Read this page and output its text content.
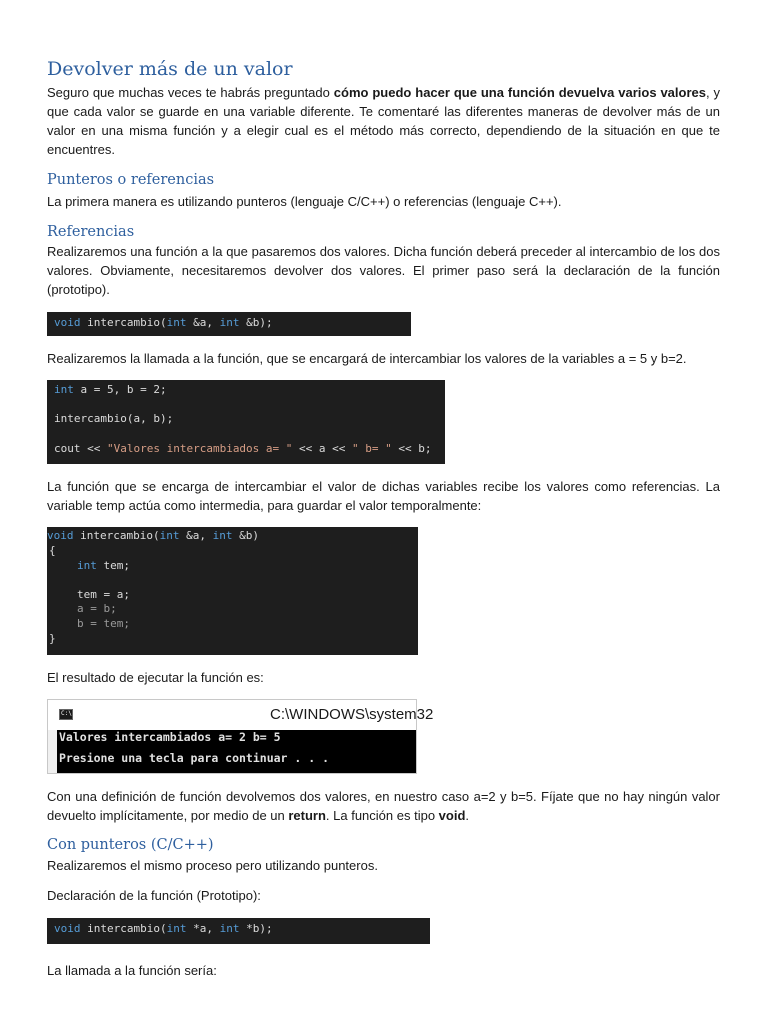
Devolver más de un valor

Seguro que muchas veces te habrás preguntado cómo puedo hacer que una función devuelva varios valores, y que cada valor se guarde en una variable diferente. Te comentaré las diferentes maneras de devolver más de un valor en una misma función y a elegir cual es el método más correcto, dependiendo de la situación en que te encuentres.

Punteros o referencias

La primera manera es utilizando punteros (lenguaje C/C++) o referencias (lenguaje C++).

Referencias

Realizaremos una función a la que pasaremos dos valores. Dicha función deberá preceder al intercambio de los dos valores. Obviamente, necesitaremos devolver dos valores. El primer paso será la declaración de la función (prototipo).

void intercambio(int &a, int &b);

Realizaremos la llamada a la función, que se encargará de intercambiar los valores de la variables a = 5 y b=2.

int a = 5, b = 2;
intercambio(a, b);
cout << "Valores intercambiados a= " << a << " b= " << b;

La función que se encarga de intercambiar el valor de dichas variables recibe los valores como referencias. La variable temp actúa como intermedia, para guardar el valor temporalmente:

void intercambio(int &a, int &b)
{
int tem;
tem = a;
a = b;
b = tem;
}

El resultado de ejecutar la función es:

C:\.	C:\WINDOWS\system32
Valores intercambiados a= 2 b= 5
Presione una tecla para continuar . . .

Con una definición de función devolvemos dos valores, en nuestro caso a=2 y b=5. Fíjate que no hay ningún valor devuelto implícitamente, por medio de un return. La función es tipo void.

Con punteros (C/C++)

Realizaremos el mismo proceso pero utilizando punteros.

Declaración de la función (Prototipo):

void intercambio(int *a, int *b);

La llamada a la función sería:
